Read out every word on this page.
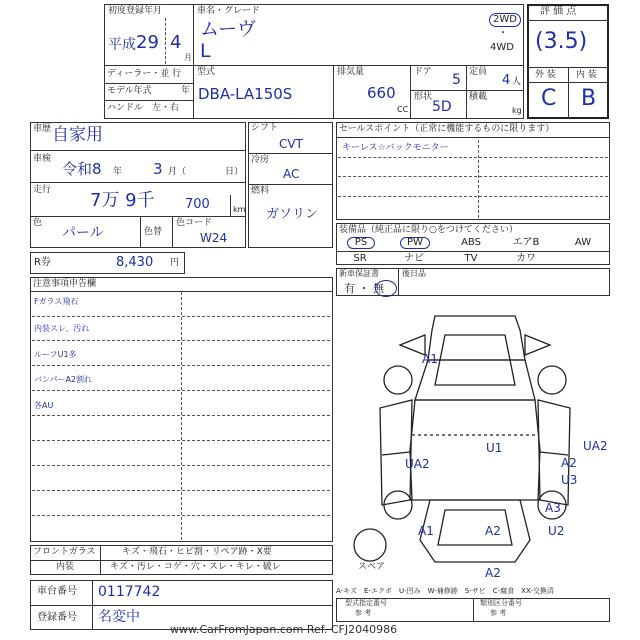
初度登録年月
平成 29 4
月
車名・グレード
ムーヴ
L
2WD
・
4WD
ディーラー・並 行
モデル年式	年
ハンドル　左・右
型式
DBA-LA150S
排気量
660
CC
ドア 5 定員
4 人
形状
5D
積載
kg
評 価 点
(3.5)
外 装 内 装
C B
車歴 自家用
車検
令和8 年 3 月（	日）
走行 7万 9千 700	km
色
パール	色替
色コード
W24
シフト
CVT
冷房
AC
燃料
ガソリン
R券	8,430 円
セールスポイント（正常に機能するものに限ります）
キーレス☆バックモニター
装備品（純正品に限り○をつけてください）
PS	PW	ABS	エアB	AW
SR	ナビ	TV	カワ
新車保証書
有 ・ 無
後日品
注意事項申告欄
Fガラス飛石
内装スレ、汚れ
ルーフU1多
バンパーA2割れ
各AU
A1
UA2
A1	A2
U1	UA2
A2
U3
A3
U2
A2
スペア
フロントガラス	キズ・飛石・ヒビ割・リペア跡・X要
内装	キズ・汚レ・コゲ・穴・スレ・キレ・破レ
車台番号 0117742
登録番号 名変中
A-キズ　E-エクボ　U-凹み　W-補修跡　S-サビ　C-腐食　XX-交換済
型式指定番号
参 考
類別区分番号
参 考
www.CarFromJapan.com Ref. CFJ2040986
